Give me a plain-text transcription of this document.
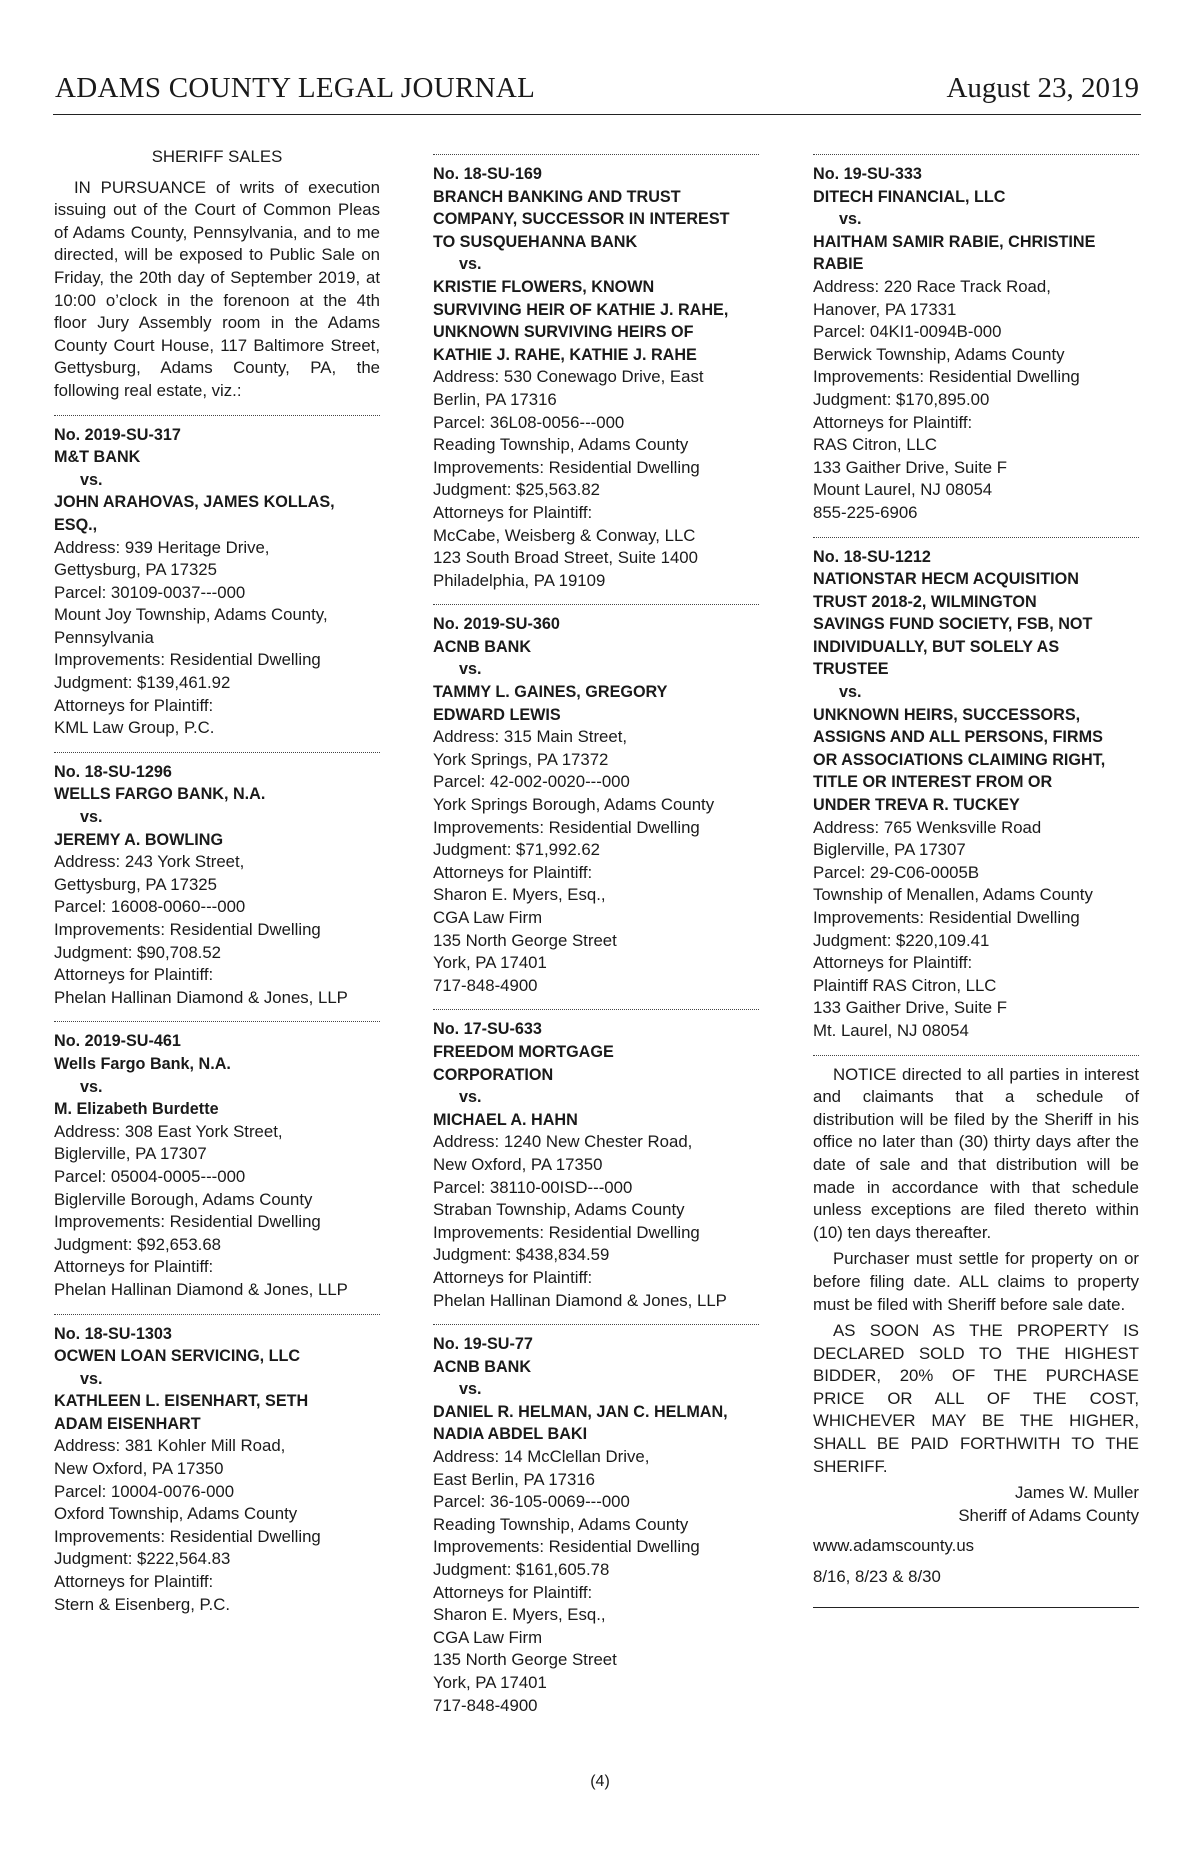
ADAMS COUNTY LEGAL JOURNAL	August 23, 2019
SHERIFF SALES
IN PURSUANCE of writs of execution issuing out of the Court of Common Pleas of Adams County, Pennsylvania, and to me directed, will be exposed to Public Sale on Friday, the 20th day of September 2019, at 10:00 o’clock in the forenoon at the 4th floor Jury Assembly room in the Adams County Court House, 117 Baltimore Street, Gettysburg, Adams County, PA, the following real estate, viz.:
No. 2019-SU-317
M&T BANK
vs.
JOHN ARAHOVAS, JAMES KOLLAS,
ESQ.,
Address: 939 Heritage Drive,
Gettysburg, PA 17325
Parcel: 30109-0037---000
Mount Joy Township, Adams County,
Pennsylvania
Improvements: Residential Dwelling
Judgment: $139,461.92
Attorneys for Plaintiff:
KML Law Group, P.C.
No. 18-SU-1296
WELLS FARGO BANK, N.A.
vs.
JEREMY A. BOWLING
Address: 243 York Street,
Gettysburg, PA 17325
Parcel: 16008-0060---000
Improvements: Residential Dwelling
Judgment: $90,708.52
Attorneys for Plaintiff:
Phelan Hallinan Diamond & Jones, LLP
No. 2019-SU-461
Wells Fargo Bank, N.A.
vs.
M. Elizabeth Burdette
Address: 308 East York Street,
Biglerville, PA 17307
Parcel: 05004-0005---000
Biglerville Borough, Adams County
Improvements: Residential Dwelling
Judgment: $92,653.68
Attorneys for Plaintiff:
Phelan Hallinan Diamond & Jones, LLP
No. 18-SU-1303
OCWEN LOAN SERVICING, LLC
vs.
KATHLEEN L. EISENHART, SETH
ADAM EISENHART
Address: 381 Kohler Mill Road,
New Oxford, PA 17350
Parcel: 10004-0076-000
Oxford Township, Adams County
Improvements: Residential Dwelling
Judgment: $222,564.83
Attorneys for Plaintiff:
Stern & Eisenberg, P.C.
No. 18-SU-169
BRANCH BANKING AND TRUST
COMPANY, SUCCESSOR IN INTEREST
TO SUSQUEHANNA BANK
vs.
KRISTIE FLOWERS, KNOWN
SURVIVING HEIR OF KATHIE J. RAHE,
UNKNOWN SURVIVING HEIRS OF
KATHIE J. RAHE, KATHIE J. RAHE
Address: 530 Conewago Drive, East
Berlin, PA 17316
Parcel: 36L08-0056---000
Reading Township, Adams County
Improvements: Residential Dwelling
Judgment: $25,563.82
Attorneys for Plaintiff:
McCabe, Weisberg & Conway, LLC
123 South Broad Street, Suite 1400
Philadelphia, PA 19109
No. 2019-SU-360
ACNB BANK
vs.
TAMMY L. GAINES, GREGORY
EDWARD LEWIS
Address: 315 Main Street,
York Springs, PA 17372
Parcel: 42-002-0020---000
York Springs Borough, Adams County
Improvements: Residential Dwelling
Judgment: $71,992.62
Attorneys for Plaintiff:
Sharon E. Myers, Esq.,
CGA Law Firm
135 North George Street
York, PA 17401
717-848-4900
No. 17-SU-633
FREEDOM MORTGAGE
CORPORATION
vs.
MICHAEL A. HAHN
Address: 1240 New Chester Road,
New Oxford, PA 17350
Parcel: 38110-00ISD---000
Straban Township, Adams County
Improvements: Residential Dwelling
Judgment: $438,834.59
Attorneys for Plaintiff:
Phelan Hallinan Diamond & Jones, LLP
No. 19-SU-77
ACNB BANK
vs.
DANIEL R. HELMAN, JAN C. HELMAN,
NADIA ABDEL BAKI
Address: 14 McClellan Drive,
East Berlin, PA 17316
Parcel: 36-105-0069---000
Reading Township, Adams County
Improvements: Residential Dwelling
Judgment: $161,605.78
Attorneys for Plaintiff:
Sharon E. Myers, Esq.,
CGA Law Firm
135 North George Street
York, PA 17401
717-848-4900
No. 19-SU-333
DITECH FINANCIAL, LLC
vs.
HAITHAM SAMIR RABIE, CHRISTINE
RABIE
Address: 220 Race Track Road,
Hanover, PA 17331
Parcel: 04KI1-0094B-000
Berwick Township, Adams County
Improvements: Residential Dwelling
Judgment: $170,895.00
Attorneys for Plaintiff:
RAS Citron, LLC
133 Gaither Drive, Suite F
Mount Laurel, NJ 08054
855-225-6906
No. 18-SU-1212
NATIONSTAR HECM ACQUISITION
TRUST 2018-2, WILMINGTON
SAVINGS FUND SOCIETY, FSB, NOT
INDIVIDUALLY, BUT SOLELY AS
TRUSTEE
vs.
UNKNOWN HEIRS, SUCCESSORS,
ASSIGNS AND ALL PERSONS, FIRMS
OR ASSOCIATIONS CLAIMING RIGHT,
TITLE OR INTEREST FROM OR
UNDER TREVA R. TUCKEY
Address: 765 Wenksville Road
Biglerville, PA 17307
Parcel: 29-C06-0005B
Township of Menallen, Adams County
Improvements: Residential Dwelling
Judgment: $220,109.41
Attorneys for Plaintiff:
Plaintiff RAS Citron, LLC
133 Gaither Drive, Suite F
Mt. Laurel, NJ 08054
NOTICE directed to all parties in interest and claimants that a schedule of distribution will be filed by the Sheriff in his office no later than (30) thirty days after the date of sale and that distribution will be made in accordance with that schedule unless exceptions are filed thereto within (10) ten days thereafter.
Purchaser must settle for property on or before filing date. ALL claims to property must be filed with Sheriff before sale date.
AS SOON AS THE PROPERTY IS DECLARED SOLD TO THE HIGHEST BIDDER, 20% OF THE PURCHASE PRICE OR ALL OF THE COST, WHICHEVER MAY BE THE HIGHER, SHALL BE PAID FORTHWITH TO THE SHERIFF.
James W. Muller
Sheriff of Adams County
www.adamscounty.us
8/16, 8/23 & 8/30
(4)
